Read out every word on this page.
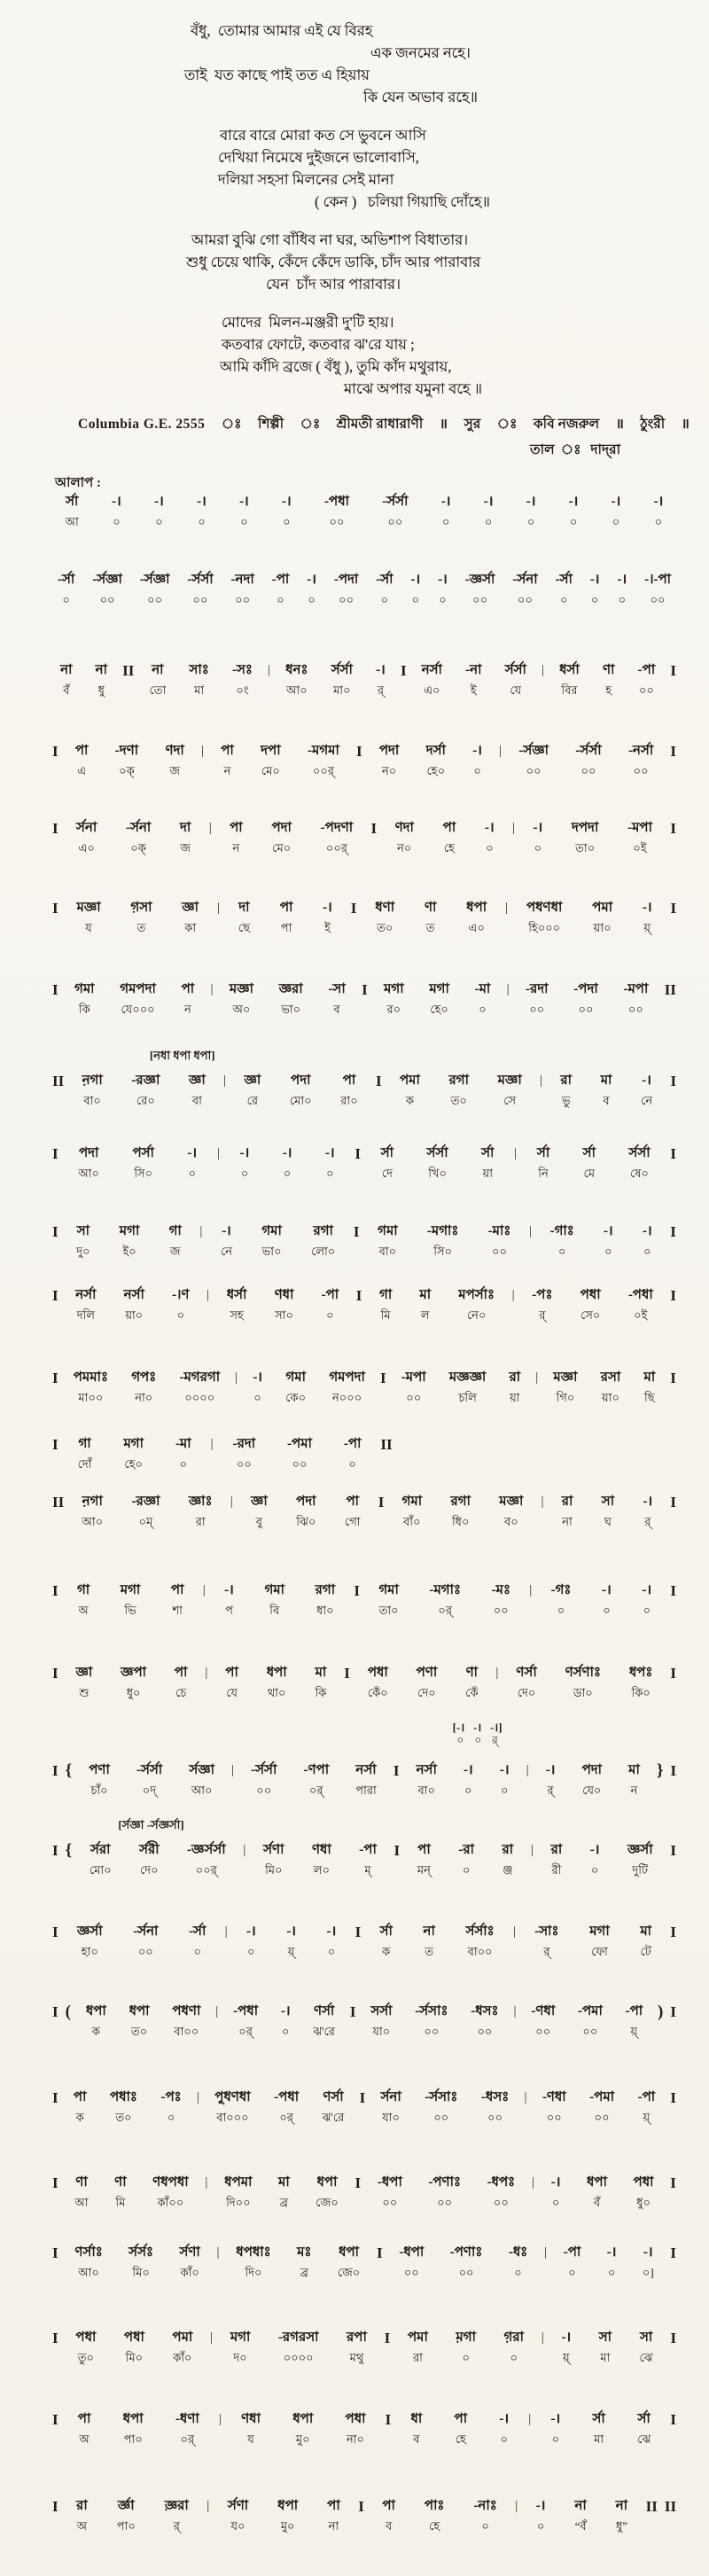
বঁধু,  তোমার আমার এই যে বিরহ
এক জনমের নহে।
তাই  যত কাছে পাই তত এ হিয়ায়
কি যেন অভাব রহে॥
বারে বারে মোরা কত সে ভুবনে আসি
দেখিয়া নিমেষে দুইজনে ভালোবাসি,
দলিয়া সহসা মিলনের সেই মানা
( কেন )   চলিয়া গিয়াছি দোঁহে॥
আমরা বুঝি গো বাঁধিব না ঘর, অভিশাপ বিধাতার।
শুধু চেয়ে থাকি, কেঁদে কেঁদে ডাকি, চাঁদ আর পারাবার
যেন  চাঁদ আর পারাবার।
মোদের  মিলন-মঞ্জরী দু'টি হায়।
কতবার ফোটে, কতবার ঝ'রে যায় ;
আমি কাঁদি ব্রজে ( বঁধু ), তুমি কাঁদ মথুরায়,
মাঝে অপার যমুনা বহে ॥
Columbia G.E. 2555 ঃ শিল্পী ঃ শ্রীমতী রাধারাণী ॥ সুর ঃ কবি নজরুল ॥ ঠুংরী ॥
তাল ঃ দাদ্‌রা
আলাপ :
র্সা
আ
-।
০
-।
০
-।
০
-।
০
-।
০
-পধা
০০
-র্সর্সা
০০
-।
০
-।
০
-।
০
-।
০
-।
০
-।
০
-র্সা
০
-র্সজ্ঞা
০০
-র্সজ্ঞা
০০
-র্সর্সা
০০
-নদা
০০
-পা
০
-।
০
-পদা
০০
-র্সা
০
-।
০
-।
০
-জ্ঞর্সা
০০
-র্সনা
০০
-র্সা
০
-।
০
-।
০
-।-পা
০০
না
বঁ
না
ধু
II না
তো
সাঃ
মা
-সঃ
০ং
| ধনঃ
আ০
র্সর্সা
মা০
-।
র্
I নর্সা
এ০
-না
ই
র্সর্সা
যে
| ধর্সা
বির
ণা
হ
-পা
০০
I
I পা
এ
-দণা
০ক্
ণদা
জ
| পা
ন
দপা
মে০
-মগমা
০০র্
I পদা
ন০
দর্সা
হে০
-।
০
| -র্সজ্ঞা
০০
-র্সর্সা
০০
-নর্সা
০০
I
I র্সনা
এ০
-র্সনা
০ক্
দা
জ
| পা
ন
পদা
মে০
-পদণা
০০র্
I ণদা
ন০
পা
হে
-।
০
| -।
০
দপদা
তা০
-মপা
০ই
I
I মজ্ঞা
য
গ়সা
ত
জ্ঞা
কা
| দা
ছে
পা
পা
-।
ই
I ধণা
ত০
ণা
ত
ধপা
এ০
| পধণধা
হি০০০
পমা
য়া০
-।
য়্
I
I গমা
কি
গমপদা
যে০০০
পা
ন
| মজ্ঞা
অ০
জ্ঞরা
ভা০
-সা
ব
I মগা
র০
মগা
হে০
-মা
০
| -রদা
০০
-পদা
০০
-মপা
০০
II
[নধা ধপা ধপা]
II ন়গা
বা০
-রজ্ঞা
রে০
জ্ঞা
বা
| জ্ঞা
রে
পদা
মো০
পা
রা০
I পমা
ক
রগা
ত০
মজ্ঞা
সে
| রা
ভু
মা
ব
-।
নে
I
I পদা
আ০
পর্সা
সি০
-।
০
| -।
০
-।
০
-।
০
I র্সা
দে
র্সর্সা
খি০
র্সা
য়া
| র্সা
নি
র্সা
মে
র্সর্সা
ষে০
I
I সা
দু০
মগা
ই০
গা
জ
| -।
নে
গমা
ভা০
রগা
লো০
I গমা
বা০
-মগাঃ
সি০
-মাঃ
০০
| -গাঃ
০
-।
০
-।
০
I
I নর্সা
দলি
নর্সা
য়া০
-।ণ
০
| ধর্সা
সহ
ণধা
সা০
-পা
০
I গা
মি
মা
ল
মপর্সাঃ
নে০
| -পঃ
র্
পধা
সে০
-পধা
০ই
I
I পমমাঃ
মা০০
গপঃ
না০
-মগরগা
০০০০
| -।
০
গমা
কে০
গমপদা
ন০০০
I -মপা
০০
মজ্ঞজ্ঞা
চলি
রা
য়া
| মজ্ঞা
গি০
রসা
য়া০
মা
ছি
I
I গা
দোঁ
মগা
হে০
-মা
০
| -রদা
০০
-পমা
০০
-পা
০
II
II ন়গা
আ০
-রজ্ঞা
০ম্
জ্ঞাঃ
রা
| জ্ঞা
বু
পদা
ঝি০
পা
গো
I গমা
বাঁ০
রগা
ধি০
মজ্ঞা
ব০
| রা
না
সা
ঘ
-।
র্
I
I গা
অ
মগা
ভি
পা
শা
| -।
প
গমা
বি
রগা
ধা০
I গমা
তা০
-মগাঃ
০র্
-মঃ
০০
| -গঃ
০
-।
০
-।
০
I
I জ্ঞা
শু
জ্ঞপা
ধু০
পা
চে
| পা
যে
ধপা
থা০
মা
কি
I পধা
কেঁ০
পণা
দে০
ণা
কেঁ
| ণর্সা
দে০
ণর্সণাঃ
ডা০
ধপঃ
কি০
I
[-।   -।   -।]
০ ০ র্
I { পণা
চাঁ০
-র্সর্সা
০দ্
র্সজ্ঞা
আ০
| -র্সর্সা
০০
-ণপা
০র্
নর্সা
পারা
I নর্সা
বা০
-।
০
-।
০
| -।
র্
পদা
যে০
মা
ন
} I
[র্সজ্ঞা -র্সজ্ঞর্সা]
I { র্সরা
মো০
র্সরী
দে০
-জ্ঞর্সর্সা
০০র্
| র্সণা
মি০
ণধা
ল০
-পা
ম্
I পা
মন্
-রা
০
রা
ঞ্জ
| রা
রী
-।
০
জ্ঞর্সা
দুটি
I
I জ্ঞর্সা
হা০
-র্সনা
০০
-র্সা
০
| -।
০
-।
য়্
-।
০
I র্সা
ক
না
ত
র্সর্সাঃ
বা০০
| -সাঃ
র্
মগা
ফো
মা
টে
I
I ( ধপা
ক
ধপা
ত০
পধণা
বা০০
| -পধা
০র্
-।
০
ণর্সা
ঝ'রে
I সর্সা
যা০
-র্সসাঃ
০০
-ধসঃ
০০
| -ণধা
০০
-পমা
০০
-পা
য়্
) I
I পা
ক
পধাঃ
ত০
-পঃ
০
| পুধণধা
বা০০০
-পধা
০র্
ণর্সা
ঝ'রে
I র্সনা
যা০
-র্সসাঃ
০০
-ধসঃ
০০
| -ণধা
০০
-পমা
০০
-পা
য়্
I
I ণা
আ
ণা
মি
ণধপধা
কাঁ০০
| ধপমা
দি০০
মা
ব্র
ধপা
জে০
I -ধপা
০০
-পণাঃ
০০
-ধপঃ
০০
| -।
০
ধপা
বঁ
পধা
ধু০
I
I ণর্সাঃ
আ০
র্সর্সঃ
মি০
র্সণা
কাঁ০
| ধপধাঃ
দি০
মঃ
ব্র
ধপা
জে০
I -ধপা
০০
-পণাঃ
০০
-ধঃ
০
| -পা
০
-।
০
-।
০]
I
I পধা
তু০
পধা
মি০
পমা
কাঁ০
| মগা
দ০
-রগরসা
০০০০
রপা
মথু
I পমা
রা
ম়গা
০
গ়রা
০
| -।
য়্
সা
মা
সা
ঝে
I
I পা
অ
ধপা
পা০
-ধণা
০র্
| ণধা
য
ধপা
মু০
পধা
না০
I ধা
ব
পা
হে
-।
০
| -।
০
র্সা
মা
র্সা
ঝে
I
I রা
অ
র্জ্ঞা
পা০
জ্ঞ়রা
র্
| র্সণা
য০
ধপা
মু০
পা
না
I পা
ব
পাঃ
হে
-নাঃ
০
| -।
০
না
“বঁ
না
ধু”
II II
